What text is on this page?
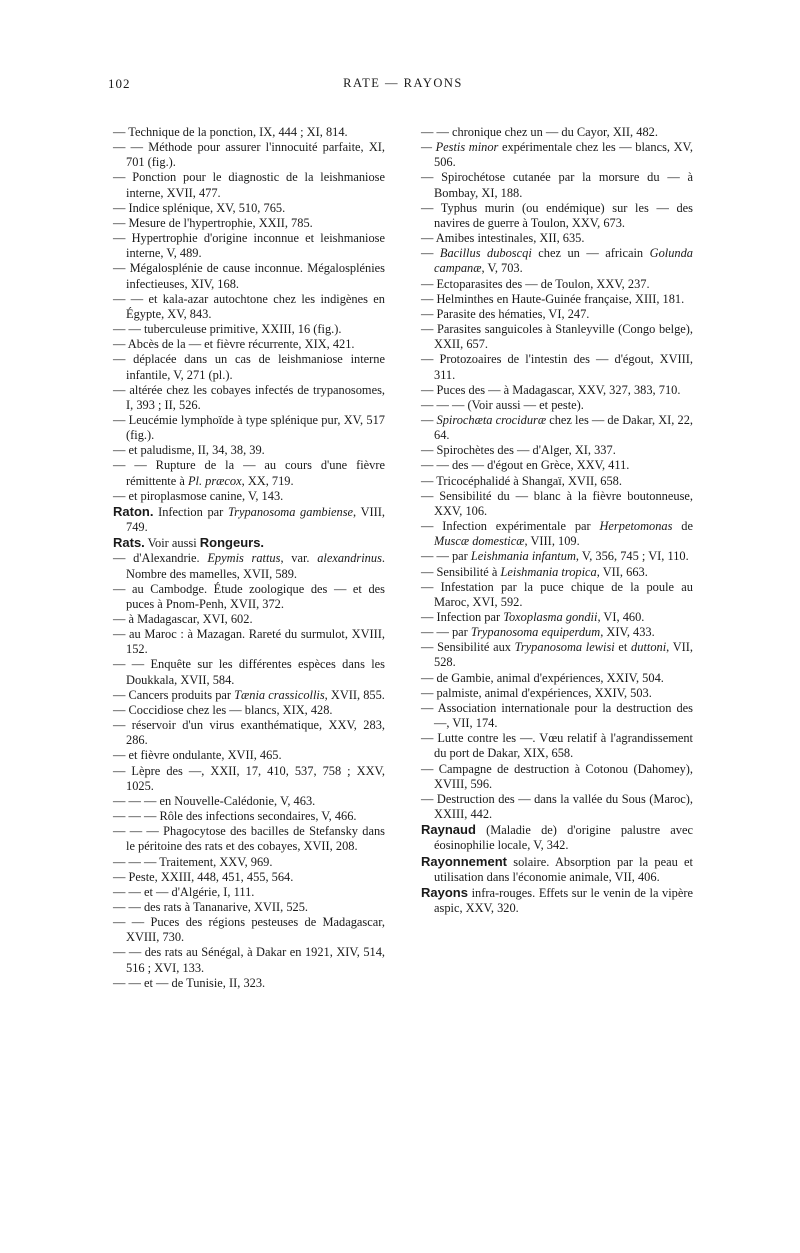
102	RATE — RAYONS
— Technique de la ponction, IX, 444 ; XI, 814.
— — Méthode pour assurer l'innocuité parfaite, XI, 701 (fig.).
— Ponction pour le diagnostic de la leishmaniose interne, XVII, 477.
— Indice splénique, XV, 510, 765.
— Mesure de l'hypertrophie, XXII, 785.
— Hypertrophie d'origine inconnue et leishmaniose interne, V, 489.
— Mégalosplénie de cause inconnue. Mégalosplénies infectieuses, XIV, 168.
— — et kala-azar autochtone chez les indigènes en Égypte, XV, 843.
— — tuberculeuse primitive, XXIII, 16 (fig.).
— Abcès de la — et fièvre récurrente, XIX, 421.
— déplacée dans un cas de leishmaniose interne infantile, V, 271 (pl.).
— altérée chez les cobayes infectés de trypanosomes, I, 393 ; II, 526.
— Leucémie lymphoïde à type splénique pur, XV, 517 (fig.).
— et paludisme, II, 34, 38, 39.
— — Rupture de la — au cours d'une fièvre rémittente à Pl. præcox, XX, 719.
— et piroplasmose canine, V, 143.
Raton. Infection par Trypanosoma gambiense, VIII, 749.
Rats. Voir aussi Rongeurs.
— d'Alexandrie. Epymis rattus, var. alexandrinus. Nombre des mamelles, XVII, 589.
— au Cambodge. Étude zoologique des — et des puces à Pnom-Penh, XVII, 372.
— à Madagascar, XVI, 602.
— au Maroc : à Mazagan. Rareté du surmulot, XVIII, 152.
— — Enquête sur les différentes espèces dans les Doukkala, XVII, 584.
— Cancers produits par Tænia crassicollis, XVII, 855.
— Coccidiose chez les — blancs, XIX, 428.
— réservoir d'un virus exanthématique, XXV, 283, 286.
— et fièvre ondulante, XVII, 465.
— Lèpre des —, XXII, 17, 410, 537, 758 ; XXV, 1025.
— — — en Nouvelle-Calédonie, V, 463.
— — — Rôle des infections secondaires, V, 466.
— — — Phagocytose des bacilles de Stefansky dans le péritoine des rats et des cobayes, XVII, 208.
— — — Traitement, XXV, 969.
— Peste, XXIII, 448, 451, 455, 564.
— — et — d'Algérie, I, 111.
— — des rats à Tananarive, XVII, 525.
— — Puces des régions pesteuses de Madagascar, XVIII, 730.
— — des rats au Sénégal, à Dakar en 1921, XIV, 514, 516 ; XVI, 133.
— — et — de Tunisie, II, 323.
— — chronique chez un — du Cayor, XII, 482.
— Pestis minor expérimentale chez les — blancs, XV, 506.
— Spirochétose cutanée par la morsure du — à Bombay, XI, 188.
— Typhus murin (ou endémique) sur les — des navires de guerre à Toulon, XXV, 673.
— Amibes intestinales, XII, 635.
— Bacillus duboscqi chez un — africain Golunda campanæ, V, 703.
— Ectoparasites des — de Toulon, XXV, 237.
— Helminthes en Haute-Guinée française, XIII, 181.
— Parasite des hématies, VI, 247.
— Parasites sanguicoles à Stanleyville (Congo belge), XXII, 657.
— Protozoaires de l'intestin des — d'égout, XVIII, 311.
— Puces des — à Madagascar, XXV, 327, 383, 710.
— — — (Voir aussi — et peste).
— Spirochæta crociduræ chez les — de Dakar, XI, 22, 64.
— Spirochètes des — d'Alger, XI, 337.
— — des — d'égout en Grèce, XXV, 411.
— Tricocéphalidé à Shangaï, XVII, 658.
— Sensibilité du — blanc à la fièvre boutonneuse, XXV, 106.
— Infection expérimentale par Herpetomonas de Muscæ domesticæ, VIII, 109.
— — par Leishmania infantum, V, 356, 745 ; VI, 110.
— Sensibilité à Leishmania tropica, VII, 663.
— Infestation par la puce chique de la poule au Maroc, XVI, 592.
— Infection par Toxoplasma gondii, VI, 460.
— — par Trypanosoma equiperdum, XIV, 433.
— Sensibilité aux Trypanosoma lewisi et duttoni, VII, 528.
— de Gambie, animal d'expériences, XXIV, 504.
— palmiste, animal d'expériences, XXIV, 503.
— Association internationale pour la destruction des —, VII, 174.
— Lutte contre les —. Vœu relatif à l'agrandissement du port de Dakar, XIX, 658.
— Campagne de destruction à Cotonou (Dahomey), XVIII, 596.
— Destruction des — dans la vallée du Sous (Maroc), XXIII, 442.
Raynaud (Maladie de) d'origine palustre avec éosinophilie locale, V, 342.
Rayonnement solaire. Absorption par la peau et utilisation dans l'économie animale, VII, 406.
Rayons infra-rouges. Effets sur le venin de la vipère aspic, XXV, 320.
